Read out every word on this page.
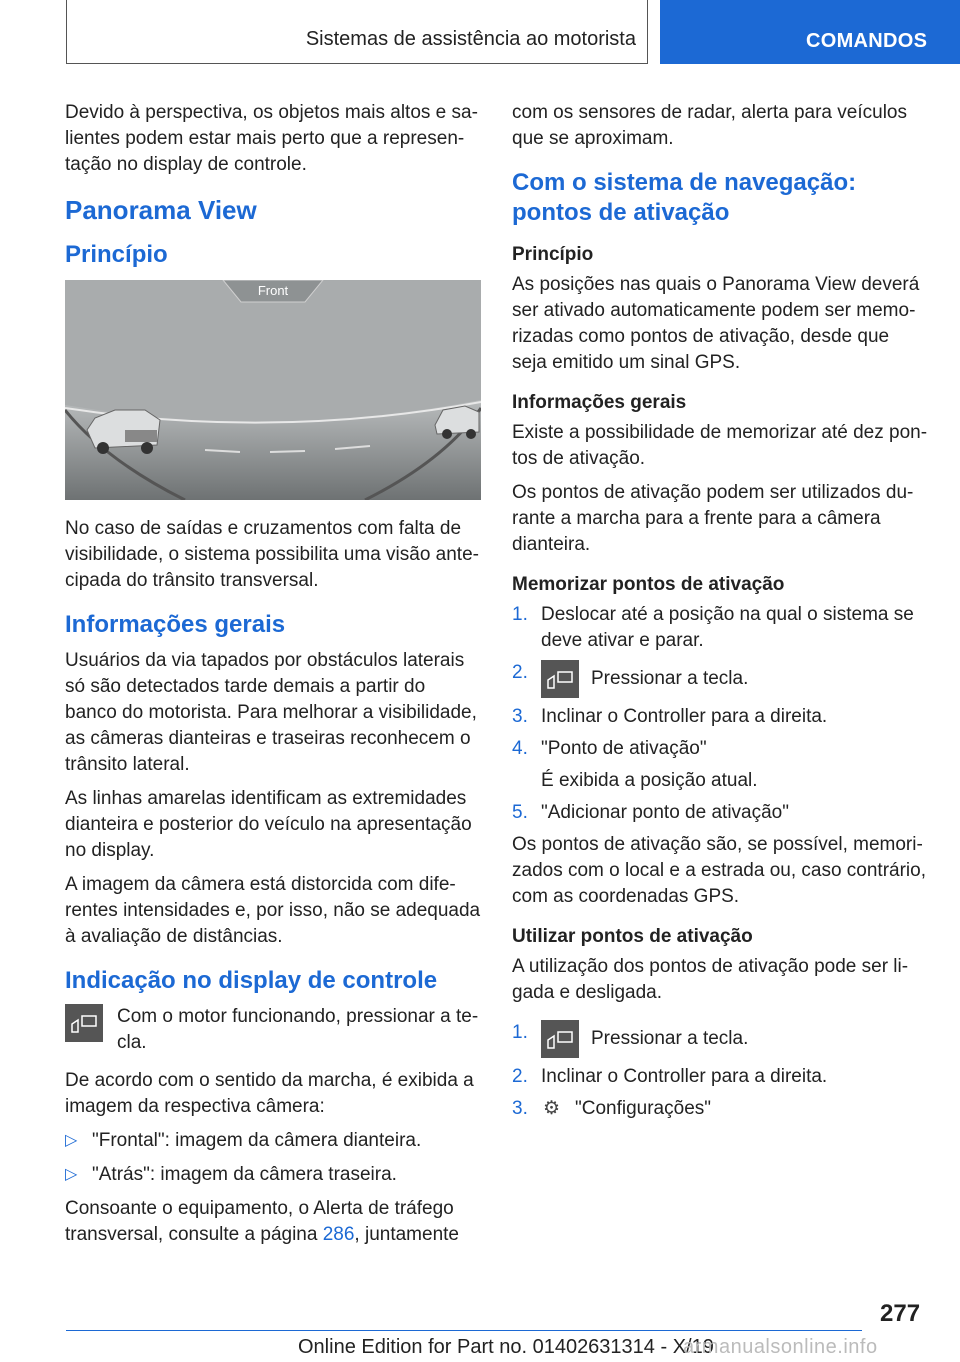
Sistemas de assistência ao motorista	COMANDOS

Devido à perspectiva, os objetos mais altos e salientes podem estar mais perto que a representação no display de controle.

Panorama View
Princípio
Front

No caso de saídas e cruzamentos com falta de visibilidade, o sistema possibilita uma visão antecipada do trânsito transversal.

Informações gerais

Usuários da via tapados por obstáculos laterais só são detectados tarde demais a partir do banco do motorista. Para melhorar a visibilidade, as câmeras dianteiras e traseiras reconhecem o trânsito lateral.

As linhas amarelas identificam as extremidades dianteira e posterior do veículo na apresentação no display.

A imagem da câmera está distorcida com diferentes intensidades e, por isso, não se adequada à avaliação de distâncias.

Indicação no display de controle
Com o motor funcionando, pressionar a tecla.

De acordo com o sentido da marcha, é exibida a imagem da respectiva câmera:

▷ "Frontal": imagem da câmera dianteira.
▷ "Atrás": imagem da câmera traseira.

Consoante o equipamento, o Alerta de tráfego transversal, consulte a página 286, juntamente

com os sensores de radar, alerta para veículos que se aproximam.

Com o sistema de navegação: pontos de ativação
Princípio

As posições nas quais o Panorama View deverá ser ativado automaticamente podem ser memorizadas como pontos de ativação, desde que seja emitido um sinal GPS.

Informações gerais

Existe a possibilidade de memorizar até dez pontos de ativação.

Os pontos de ativação podem ser utilizados durante a marcha para a frente para a câmera dianteira.

Memorizar pontos de ativação
1. Deslocar até a posição na qual o sistema se deve ativar e parar.
2.	Pressionar a tecla.
3. Inclinar o Controller para a direita.
4. "Ponto de ativação"
É exibida a posição atual.
5. "Adicionar ponto de ativação"

Os pontos de ativação são, se possível, memorizados com o local e a estrada ou, caso contrário, com as coordenadas GPS.

Utilizar pontos de ativação

A utilização dos pontos de ativação pode ser ligada e desligada.

1.	Pressionar a tecla.
2. Inclinar o Controller para a direita.
3. ⚙ "Configurações"
277
Online Edition for Part no. 01402631314 - X/19
armanualsonline.info
